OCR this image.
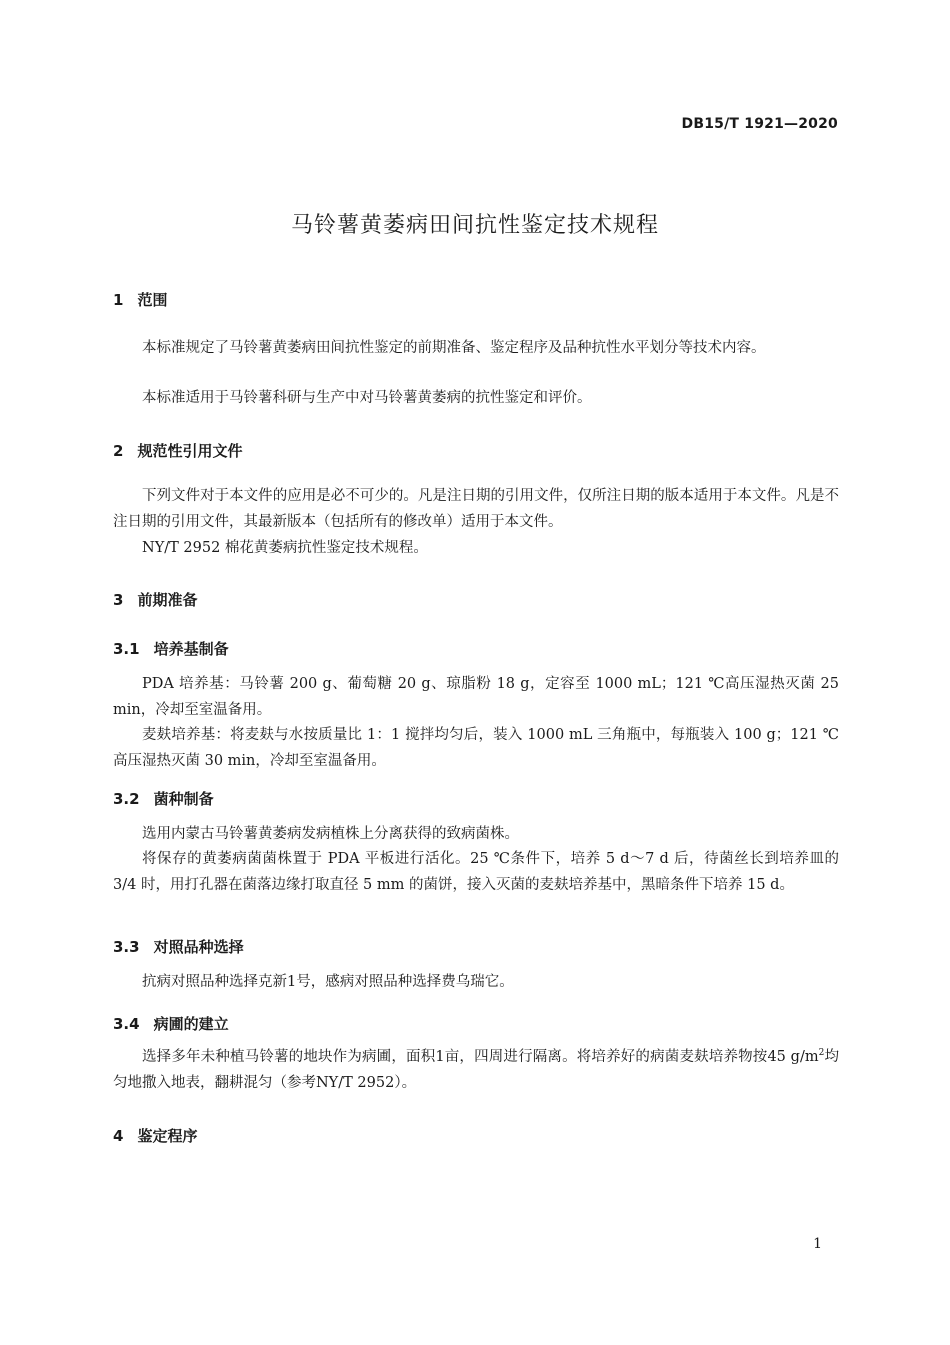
DB15/T 1921—2020
马铃薯黄萎病田间抗性鉴定技术规程
1 范围
本标准规定了马铃薯黄萎病田间抗性鉴定的前期准备、鉴定程序及品种抗性水平划分等技术内容。
本标准适用于马铃薯科研与生产中对马铃薯黄萎病的抗性鉴定和评价。
2 规范性引用文件
下列文件对于本文件的应用是必不可少的。凡是注日期的引用文件，仅所注日期的版本适用于本文件。凡是不注日期的引用文件，其最新版本（包括所有的修改单）适用于本文件。
NY/T 2952 棉花黄萎病抗性鉴定技术规程。
3 前期准备
3.1 培养基制备
PDA 培养基：马铃薯 200 g、葡萄糖 20 g、琼脂粉 18 g，定容至 1000 mL；121 ℃高压湿热灭菌 25 min，冷却至室温备用。
麦麸培养基：将麦麸与水按质量比 1：1 搅拌均匀后，装入 1000 mL 三角瓶中，每瓶装入 100 g；121 ℃高压湿热灭菌 30 min，冷却至室温备用。
3.2 菌种制备
选用内蒙古马铃薯黄萎病发病植株上分离获得的致病菌株。
将保存的黄萎病菌菌株置于 PDA 平板进行活化。25 ℃条件下，培养 5 d～7 d 后，待菌丝长到培养皿的 3/4 时，用打孔器在菌落边缘打取直径 5 mm 的菌饼，接入灭菌的麦麸培养基中，黑暗条件下培养 15 d。
3.3 对照品种选择
抗病对照品种选择克新1号，感病对照品种选择费乌瑞它。
3.4 病圃的建立
选择多年未种植马铃薯的地块作为病圃，面积1亩，四周进行隔离。将培养好的病菌麦麸培养物按45 $g/m^2$均匀地撒入地表，翻耕混匀（参考NY/T 2952）。
4 鉴定程序
1
